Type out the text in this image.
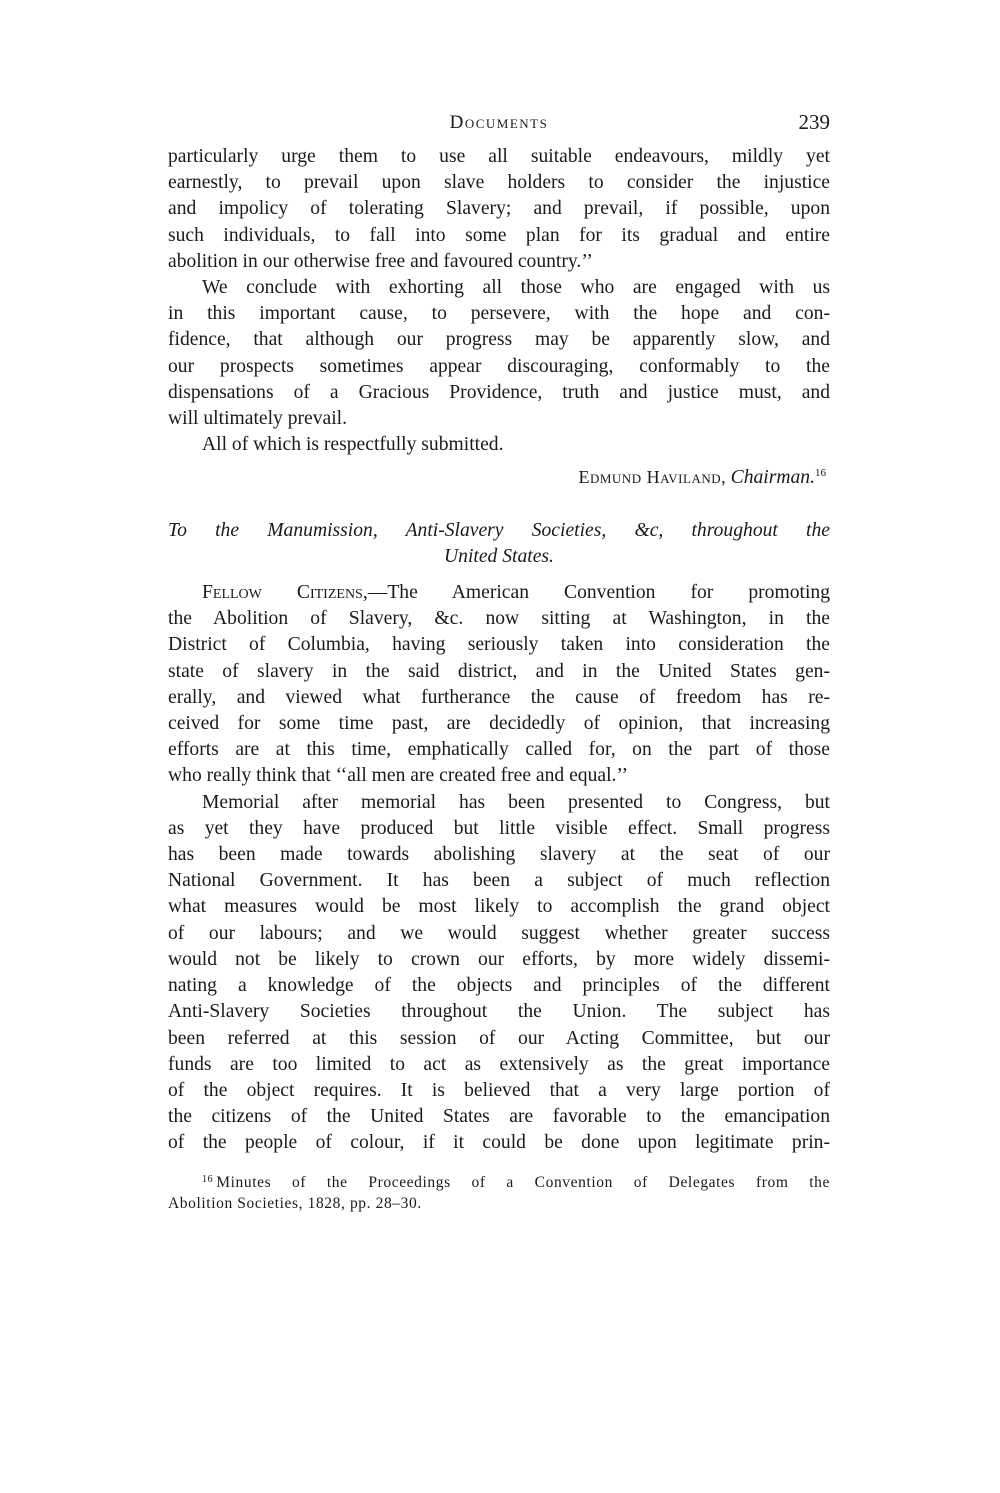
Documents	239
particularly urge them to use all suitable endeavours, mildly yet
earnestly, to prevail upon slave holders to consider the injustice
and impolicy of tolerating Slavery; and prevail, if possible, upon
such individuals, to fall into some plan for its gradual and entire
abolition in our otherwise free and favoured country.’’
We conclude with exhorting all those who are engaged with us
in this important cause, to persevere, with the hope and con-
fidence, that although our progress may be apparently slow, and
our prospects sometimes appear discouraging, conformably to the
dispensations of a Gracious Providence, truth and justice must, and
will ultimately prevail.
All of which is respectfully submitted.
Edmund Haviland, Chairman.$^{16}$
To the Manumission, Anti-Slavery Societies, &c, throughout the
United States.
Fellow Citizens,—The American Convention for promoting
the Abolition of Slavery, &c. now sitting at Washington, in the
District of Columbia, having seriously taken into consideration the
state of slavery in the said district, and in the United States gen-
erally, and viewed what furtherance the cause of freedom has re-
ceived for some time past, are decidedly of opinion, that increasing
efforts are at this time, emphatically called for, on the part of those
who really think that ‘‘all men are created free and equal.’’
Memorial after memorial has been presented to Congress, but
as yet they have produced but little visible effect. Small progress
has been made towards abolishing slavery at the seat of our
National Government. It has been a subject of much reflection
what measures would be most likely to accomplish the grand object
of our labours; and we would suggest whether greater success
would not be likely to crown our efforts, by more widely dissemi-
nating a knowledge of the objects and principles of the different
Anti-Slavery Societies throughout the Union. The subject has
been referred at this session of our Acting Committee, but our
funds are too limited to act as extensively as the great importance
of the object requires. It is believed that a very large portion of
the citizens of the United States are favorable to the emancipation
of the people of colour, if it could be done upon legitimate prin-
$^{16}$ Minutes of the Proceedings of a Convention of Delegates from the
Abolition Societies, 1828, pp. 28–30.
